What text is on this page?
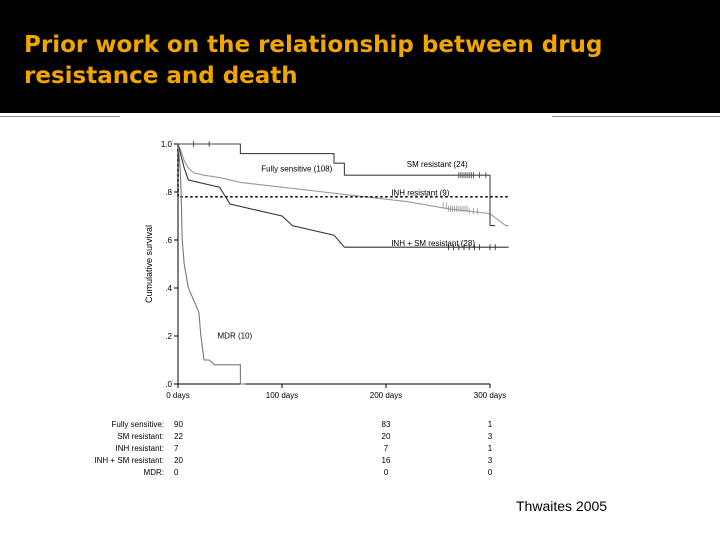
Prior work on the relationship between drug
resistance and death
.0
.2
.4
.6
.8
1.0
0 days	100 days	200 days	300 days
Cumulative survival
Fully sensitive (108)
SM resistant (24)
INH resistant (9)
INH + SM resistant (28)
MDR (10)
Fully sensitive: 90	83	1
SM resistant: 22	20	3
INH resistant: 7	7	1
INH + SM resistant: 20	16	3
MDR: 0	0	0
Thwaites 2005
